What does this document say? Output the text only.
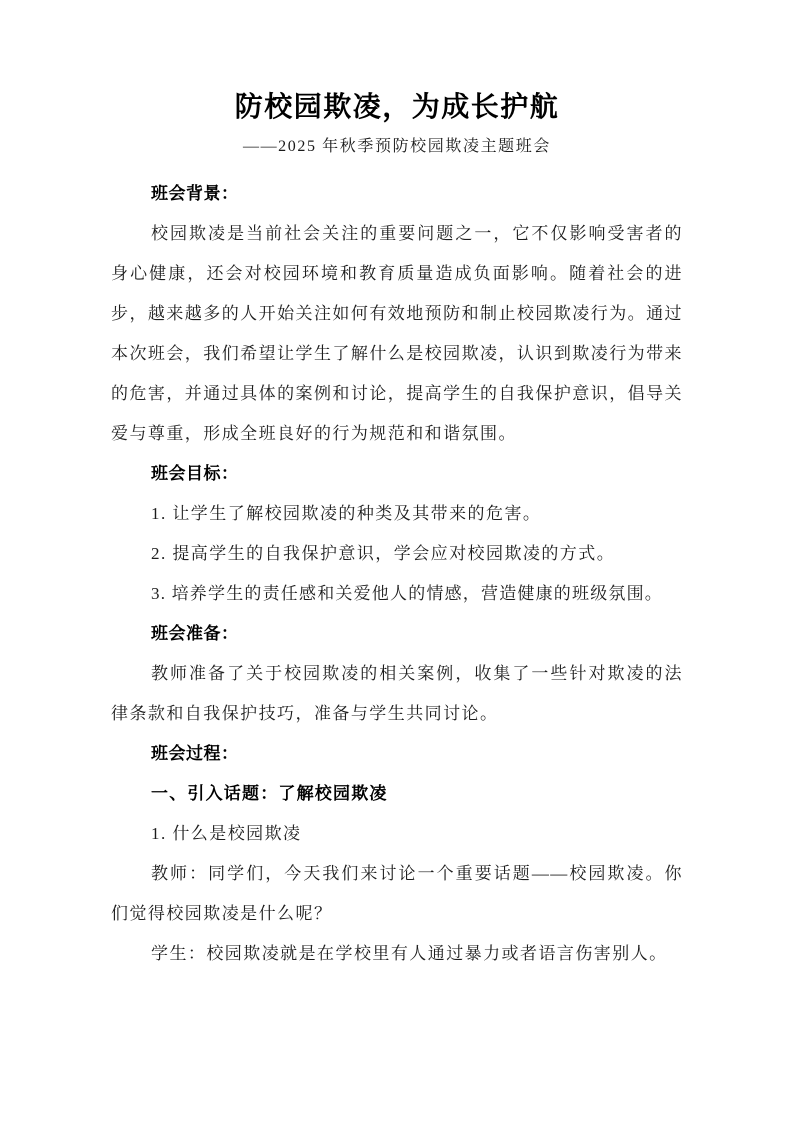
防校园欺凌，为成长护航
——2025 年秋季预防校园欺凌主题班会
班会背景：

校园欺凌是当前社会关注的重要问题之一，它不仅影响受害者的身心健康，还会对校园环境和教育质量造成负面影响。随着社会的进步，越来越多的人开始关注如何有效地预防和制止校园欺凌行为。通过本次班会，我们希望让学生了解什么是校园欺凌，认识到欺凌行为带来的危害，并通过具体的案例和讨论，提高学生的自我保护意识，倡导关爱与尊重，形成全班良好的行为规范和和谐氛围。

班会目标：
1. 让学生了解校园欺凌的种类及其带来的危害。
2. 提高学生的自我保护意识，学会应对校园欺凌的方式。
3. 培养学生的责任感和关爱他人的情感，营造健康的班级氛围。
班会准备：

教师准备了关于校园欺凌的相关案例，收集了一些针对欺凌的法律条款和自我保护技巧，准备与学生共同讨论。

班会过程：
一、引入话题：了解校园欺凌
1. 什么是校园欺凌

教师：同学们，今天我们来讨论一个重要话题——校园欺凌。你们觉得校园欺凌是什么呢？

学生：校园欺凌就是在学校里有人通过暴力或者语言伤害别人。
